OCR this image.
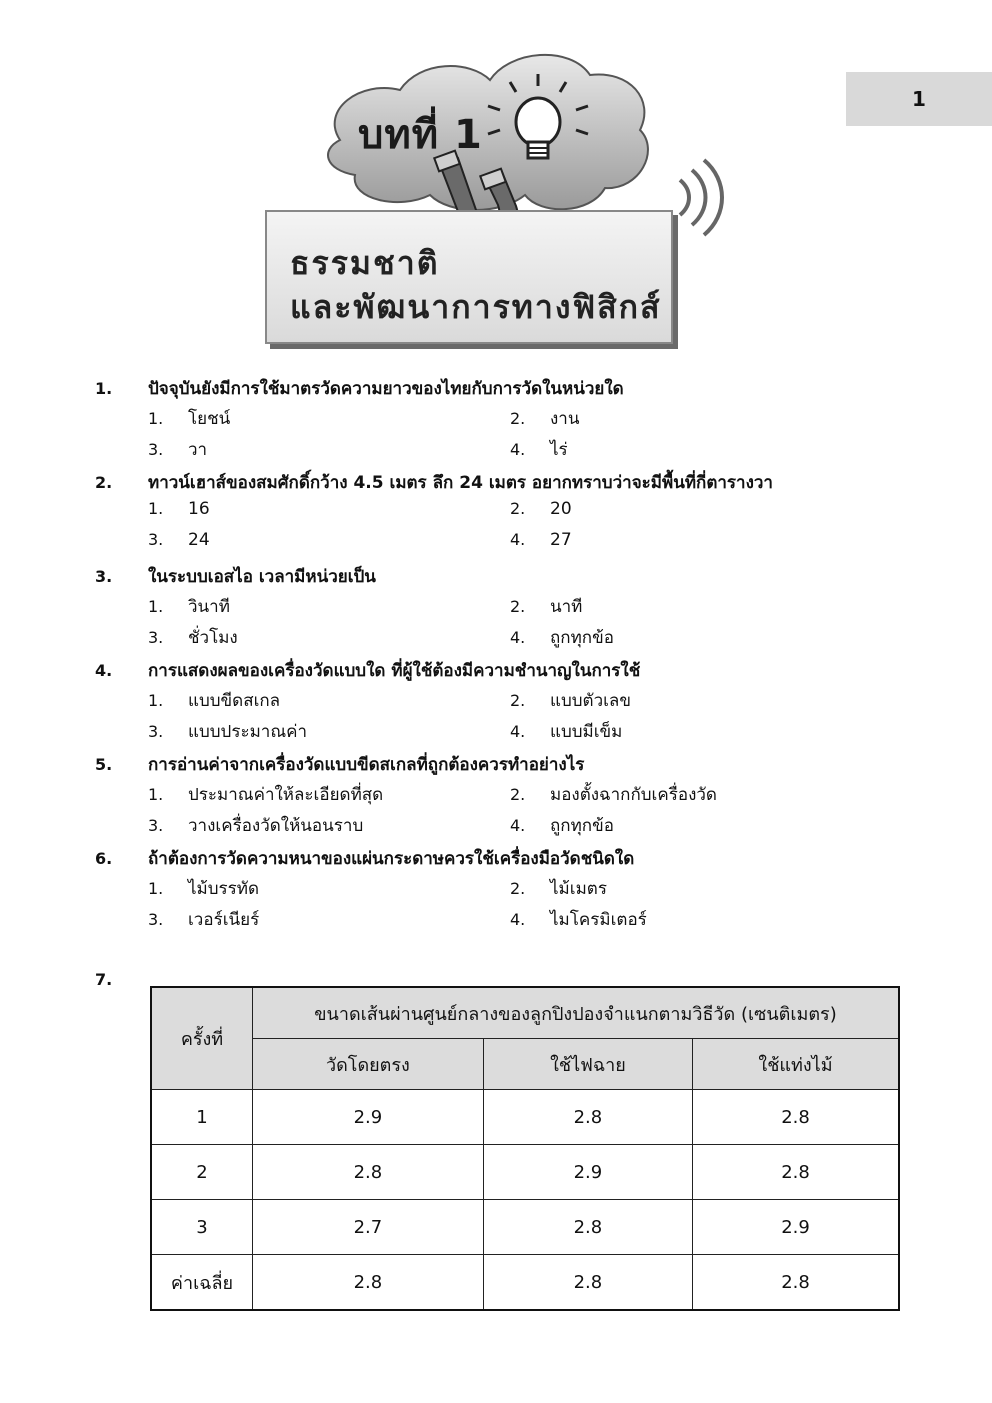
1
บทที่ 1
ธรรมชาติ
และพัฒนาการทางฟิสิกส์
1.	ปัจจุบันยังมีการใช้มาตรวัดความยาวของไทยกับการวัดในหน่วยใด
1.	โยชน์	2.	งาน
3.	วา	4.	ไร่
2.	ทาวน์เฮาส์ของสมศักดิ์กว้าง 4.5 เมตร ลึก 24 เมตร อยากทราบว่าจะมีพื้นที่กี่ตารางวา
1.	16	2.	20
3.	24	4.	27
3.	ในระบบเอสไอ เวลามีหน่วยเป็น
1.	วินาที	2.	นาที
3.	ชั่วโมง	4.	ถูกทุกข้อ
4.	การแสดงผลของเครื่องวัดแบบใด ที่ผู้ใช้ต้องมีความชำนาญในการใช้
1.	แบบขีดสเกล	2.	แบบตัวเลข
3.	แบบประมาณค่า	4.	แบบมีเข็ม
5.	การอ่านค่าจากเครื่องวัดแบบขีดสเกลที่ถูกต้องควรทำอย่างไร
1.	ประมาณค่าให้ละเอียดที่สุด	2.	มองตั้งฉากกับเครื่องวัด
3.	วางเครื่องวัดให้นอนราบ	4.	ถูกทุกข้อ
6.	ถ้าต้องการวัดความหนาของแผ่นกระดาษควรใช้เครื่องมือวัดชนิดใด
1.	ไม้บรรทัด	2.	ไม้เมตร
3.	เวอร์เนียร์	4.	ไมโครมิเตอร์
7.
ครั้งที่	ขนาดเส้นผ่านศูนย์กลางของลูกปิงปองจำแนกตามวิธีวัด (เซนติเมตร)		
	วัดโดยตรง	ใช้ไฟฉาย	ใช้แท่งไม้
1	2.9	2.8	2.8
2	2.8	2.9	2.8
3	2.7	2.8	2.9
ค่าเฉลี่ย	2.8	2.8	2.8
